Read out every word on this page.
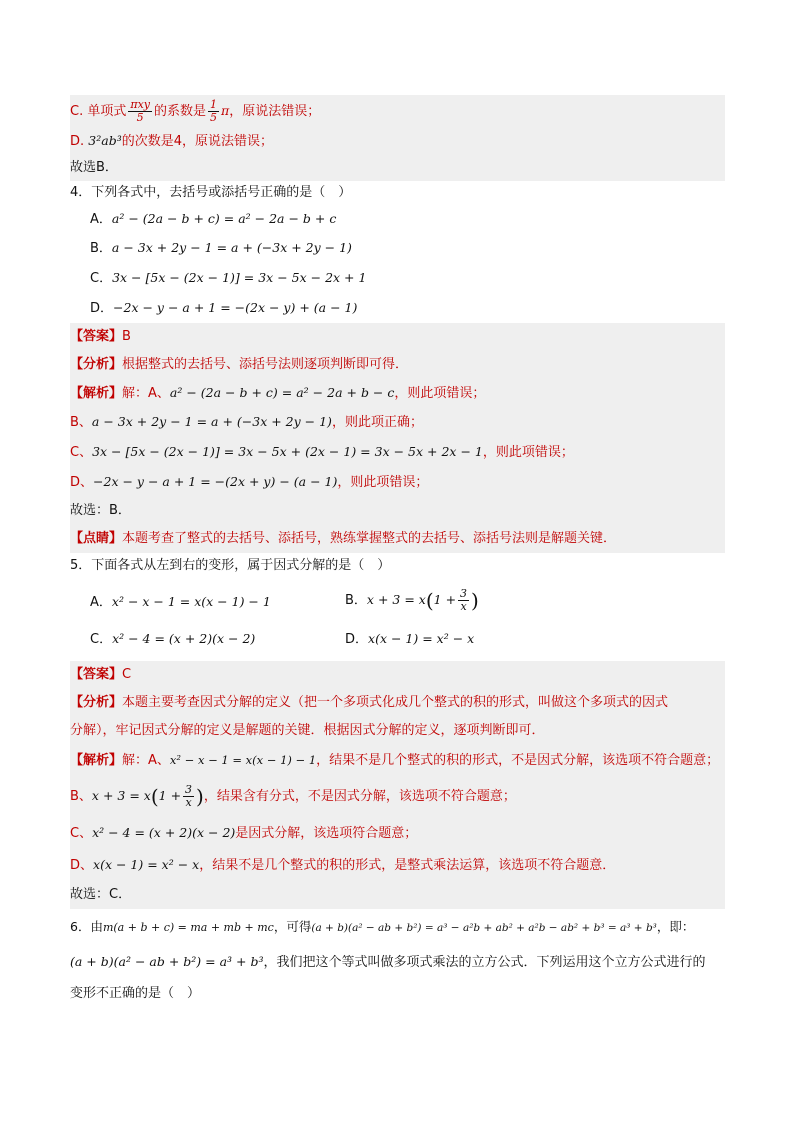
C. 单项式 $\frac{\text{πxy}}{5}$ 的系数是 $\frac{1}{5}$ π，原说法错误；
D. 3²ab³的次数是4，原说法错误；
故选B．
4．下列各式中，去括号或添括号正确的是（　）
A．a² − (2a − b + c) = a² − 2a − b + c
B．a − 3x + 2y − 1 = a + (−3x + 2y − 1)
C．3x − [5x − (2x − 1)] = 3x − 5x − 2x + 1
D．−2x − y − a + 1 = −(2x − y) + (a − 1)
【答案】B
【分析】根据整式的去括号、添括号法则逐项判断即可得．
【解析】解：A、a² − (2a − b + c) = a² − 2a + b − c，则此项错误；
B、a − 3x + 2y − 1 = a + (−3x + 2y − 1)，则此项正确；
C、3x − [5x − (2x − 1)] = 3x − 5x + (2x − 1) = 3x − 5x + 2x − 1，则此项错误；
D、−2x − y − a + 1 = −(2x + y) − (a − 1)，则此项错误；
故选：B．
【点睛】本题考查了整式的去括号、添括号，熟练掌握整式的去括号、添括号法则是解题关键．
5．下面各式从左到右的变形，属于因式分解的是（　）
A．x² − x − 1 = x(x − 1) − 1	B．$x + 3 = x(1 + \frac{3}{x}$ )
C．x² − 4 = (x + 2)(x − 2)	D．x(x − 1) = x² − x
【答案】C
【分析】本题主要考查因式分解的定义（把一个多项式化成几个整式的积的形式，叫做这个多项式的因式
分解），牢记因式分解的定义是解题的关键．根据因式分解的定义，逐项判断即可．
【解析】解：A、x² − x − 1 = x(x − 1) − 1，结果不是几个整式的积的形式，不是因式分解，该选项不符合题意；
B、$x + 3 = x(1 + \frac{3}{x}$ )，结果含有分式，不是因式分解，该选项不符合题意；
C、x² − 4 = (x + 2)(x − 2)是因式分解，该选项符合题意；
D、x(x − 1) = x² − x，结果不是几个整式的积的形式，是整式乘法运算，该选项不符合题意．
故选：C．
6．由m(a + b + c) = ma + mb + mc，可得(a + b)(a² − ab + b²) = a³ − a²b + ab² + a²b − ab² + b³ = a³ + b³，即：
(a + b)(a² − ab + b²) = a³ + b³，我们把这个等式叫做多项式乘法的立方公式．下列运用这个立方公式进行的
变形不正确的是（　）
